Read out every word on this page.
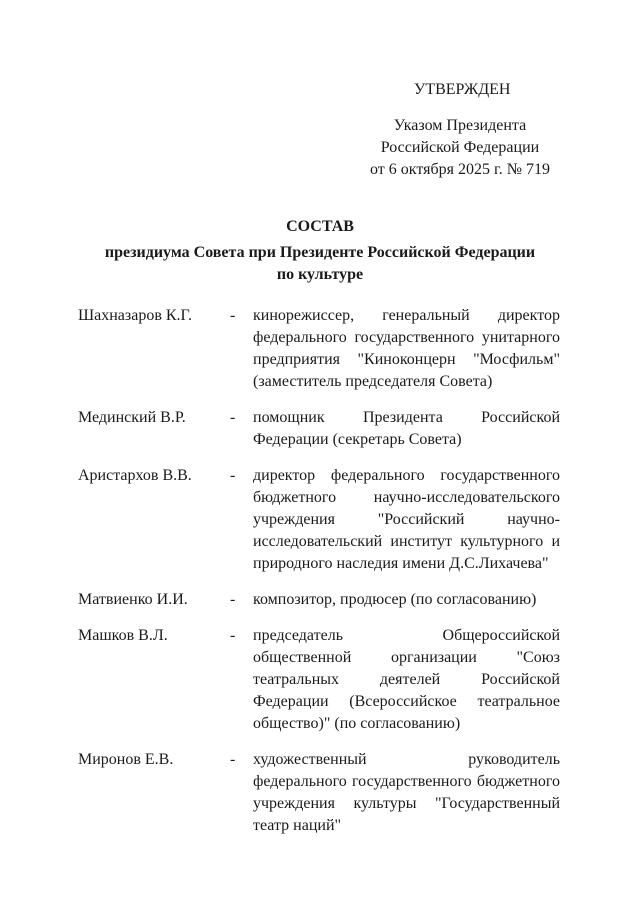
УТВЕРЖДЕН
Указом Президента
Российской Федерации
от 6 октября 2025 г. № 719
СОСТАВ
президиума Совета при Президенте Российской Федерации
по культуре
Шахназаров К.Г.	- кинорежиссер, генеральный директор федерального государственного унитарного предприятия "Киноконцерн "Мосфильм" (заместитель председателя Совета)
Мединский В.Р.	- помощник Президента Российской Федерации (секретарь Совета)
Аристархов В.В.	- директор федерального государственного бюджетного научно-исследовательского учреждения "Российский научно-исследовательский институт культурного и природного наследия имени Д.С.Лихачева"
Матвиенко И.И.	- композитор, продюсер (по согласованию)
Машков В.Л.	- председатель Общероссийской общественной организации "Союз театральных деятелей Российской Федерации (Всероссийское театральное общество)" (по согласованию)
Миронов Е.В.	- художественный руководитель федерального государственного бюджетного учреждения культуры "Государственный театр наций"
